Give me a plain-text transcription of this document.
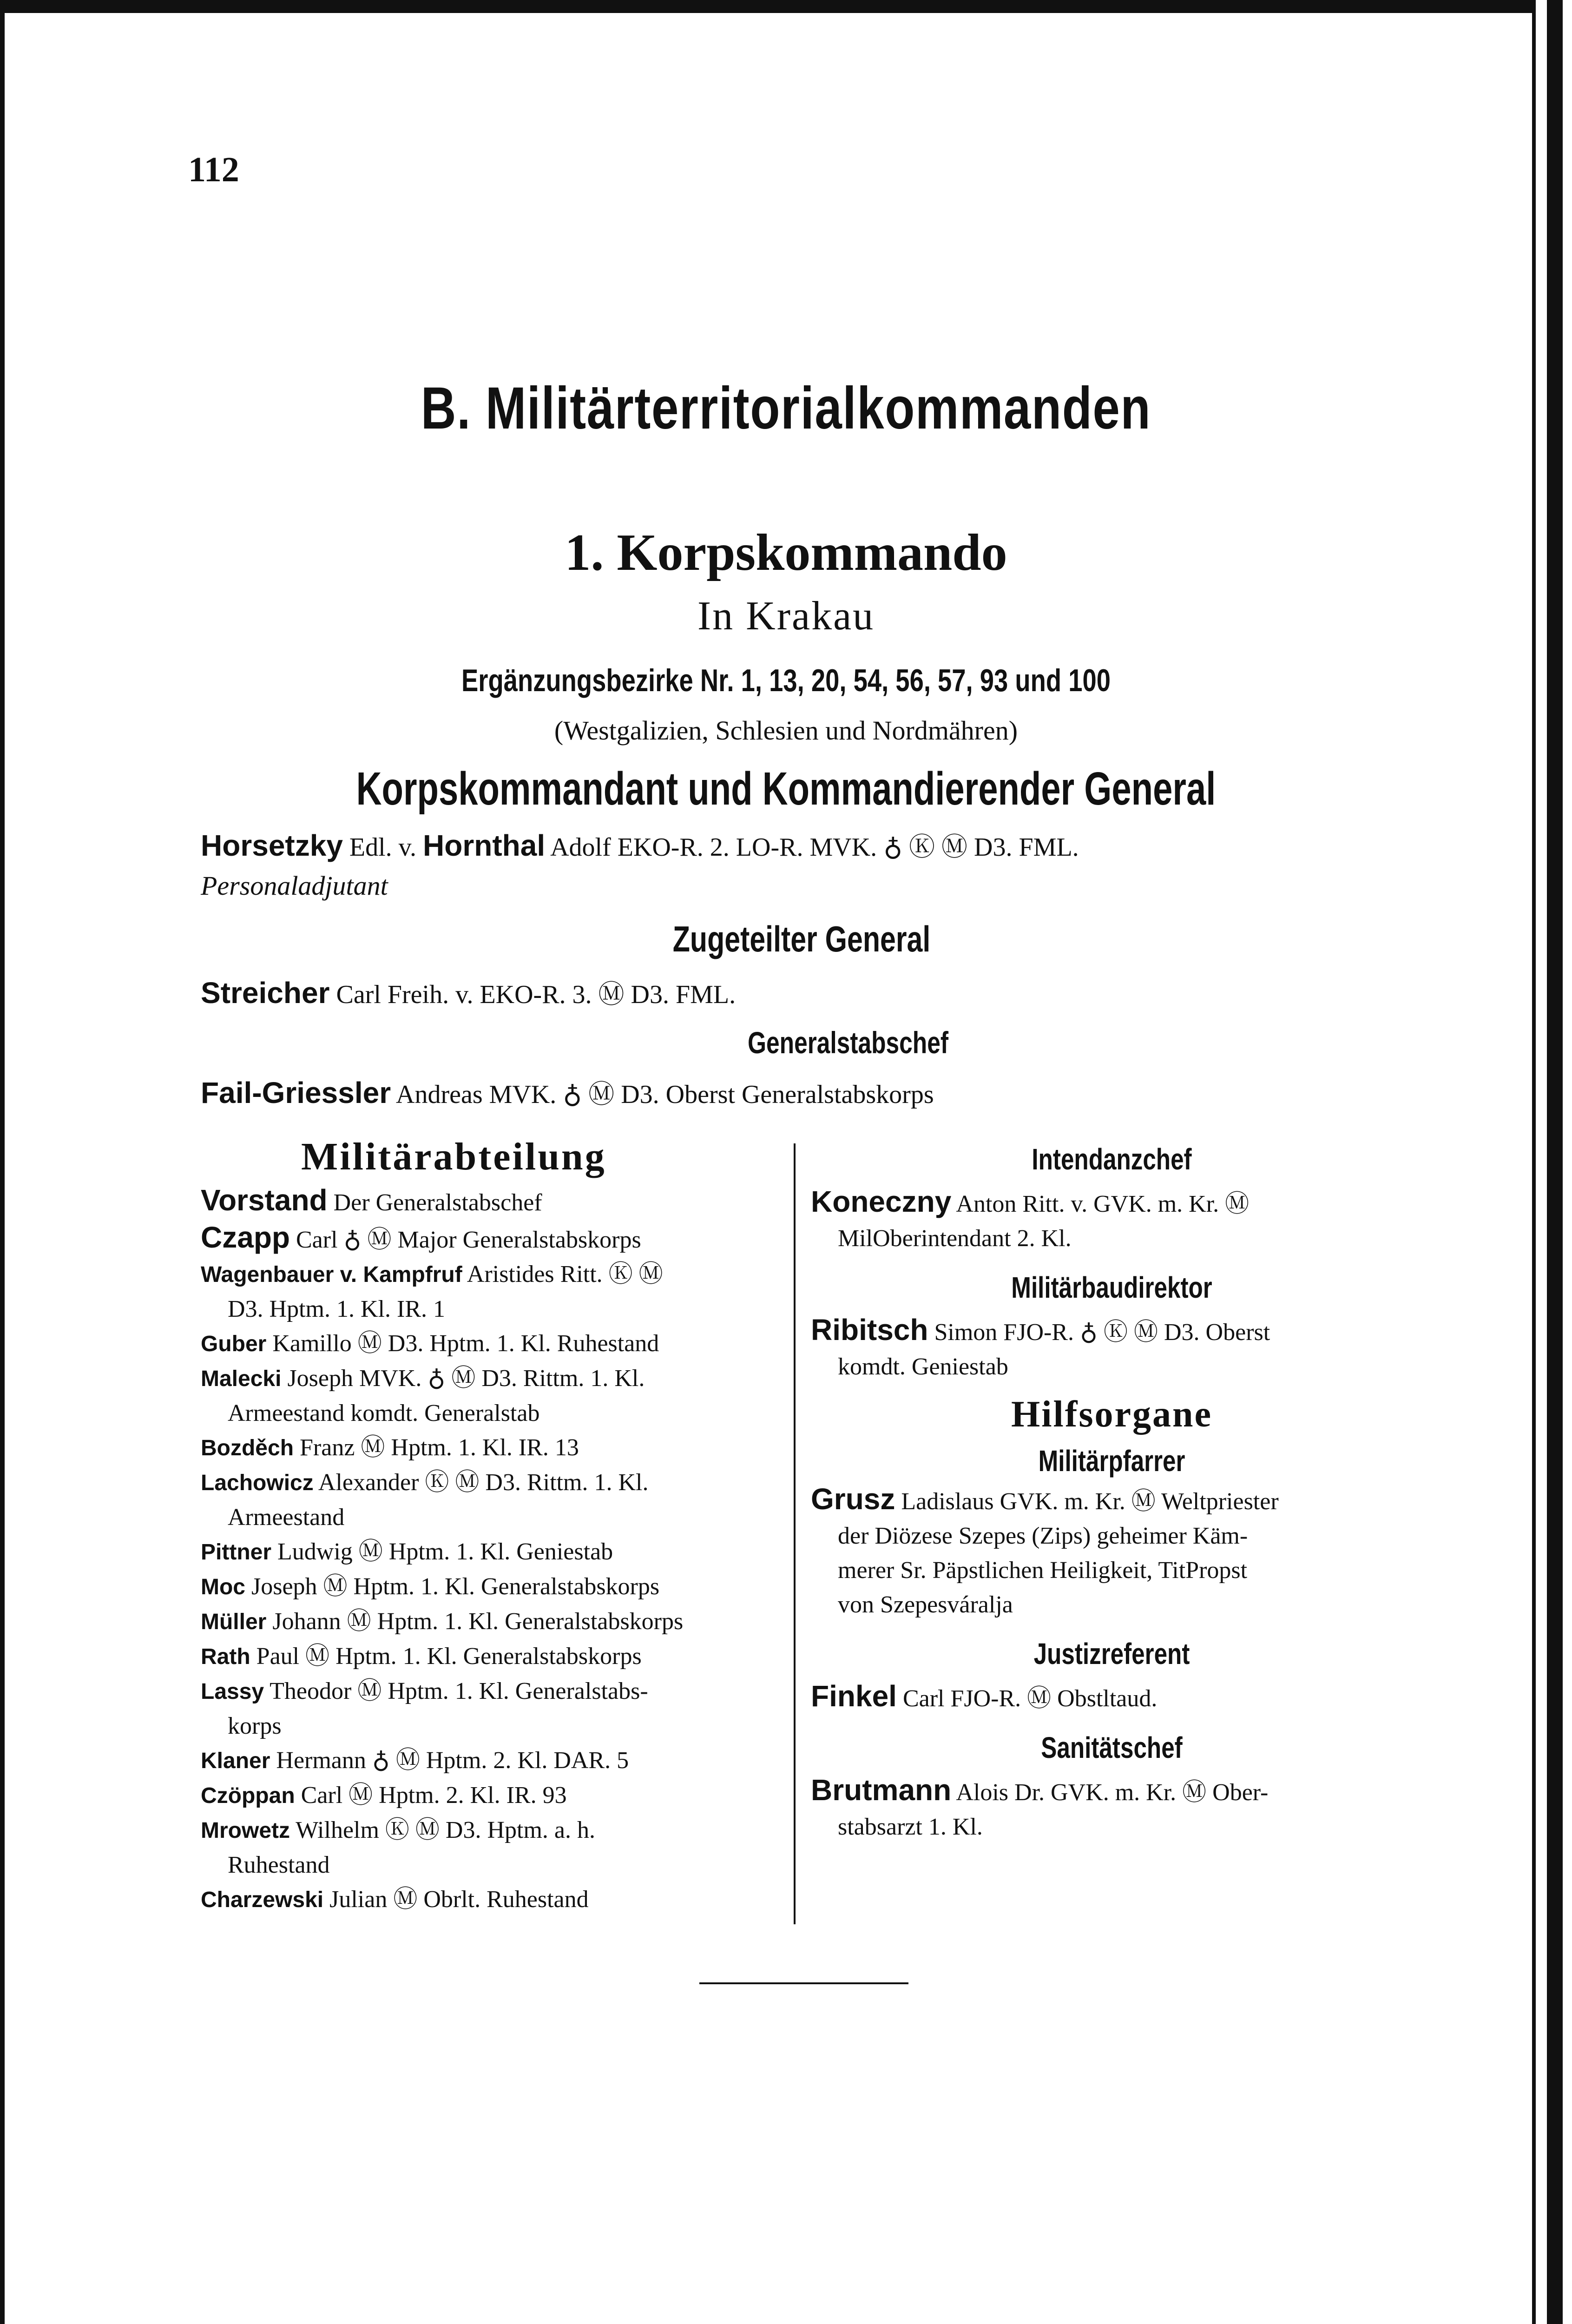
112
B. Militärterritorialkommanden
1. Korpskommando
In Krakau
Ergänzungsbezirke Nr. 1, 13, 20, 54, 56, 57, 93 und 100
(Westgalizien, Schlesien und Nordmähren)
Korpskommandant und Kommandierender General
Horsetzky Edl. v. Hornthal Adolf EKO-R. 2. LO-R. MVK. ♁ Ⓚ Ⓜ D3. FML.
Personaladjutant
Zugeteilter General
Streicher Carl Freih. v. EKO-R. 3. Ⓜ D3. FML.
Generalstabschef
Fail-Griessler Andreas MVK. ♁ Ⓜ D3. Oberst Generalstabskorps
Militärabteilung
Vorstand Der Generalstabschef
Czapp Carl ♁ Ⓜ Major Generalstabskorps
Wagenbauer v. Kampfruf Aristides Ritt. Ⓚ Ⓜ
D3. Hptm. 1. Kl. IR. 1
Guber Kamillo Ⓜ D3. Hptm. 1. Kl. Ruhestand
Malecki Joseph MVK. ♁ Ⓜ D3. Rittm. 1. Kl.
Armeestand komdt. Generalstab
Bozděch Franz Ⓜ Hptm. 1. Kl. IR. 13
Lachowicz Alexander Ⓚ Ⓜ D3. Rittm. 1. Kl.
Armeestand
Pittner Ludwig Ⓜ Hptm. 1. Kl. Geniestab
Moc Joseph Ⓜ Hptm. 1. Kl. Generalstabskorps
Müller Johann Ⓜ Hptm. 1. Kl. Generalstabskorps
Rath Paul Ⓜ Hptm. 1. Kl. Generalstabskorps
Lassy Theodor Ⓜ Hptm. 1. Kl. Generalstabs-
korps
Klaner Hermann ♁ Ⓜ Hptm. 2. Kl. DAR. 5
Czöppan Carl Ⓜ Hptm. 2. Kl. IR. 93
Mrowetz Wilhelm Ⓚ Ⓜ D3. Hptm. a. h.
Ruhestand
Charzewski Julian Ⓜ Obrlt. Ruhestand
Intendanzchef
Koneczny Anton Ritt. v. GVK. m. Kr. Ⓜ
MilOberintendant 2. Kl.
Militärbaudirektor
Ribitsch Simon FJO-R. ♁ Ⓚ Ⓜ D3. Oberst
komdt. Geniestab
Hilfsorgane
Militärpfarrer
Grusz Ladislaus GVK. m. Kr. Ⓜ Weltpriester
der Diözese Szepes (Zips) geheimer Käm-
merer Sr. Päpstlichen Heiligkeit, TitPropst
von Szepesváralja
Justizreferent
Finkel Carl FJO-R. Ⓜ Obstltaud.
Sanitätschef
Brutmann Alois Dr. GVK. m. Kr. Ⓜ Ober-
stabsarzt 1. Kl.
